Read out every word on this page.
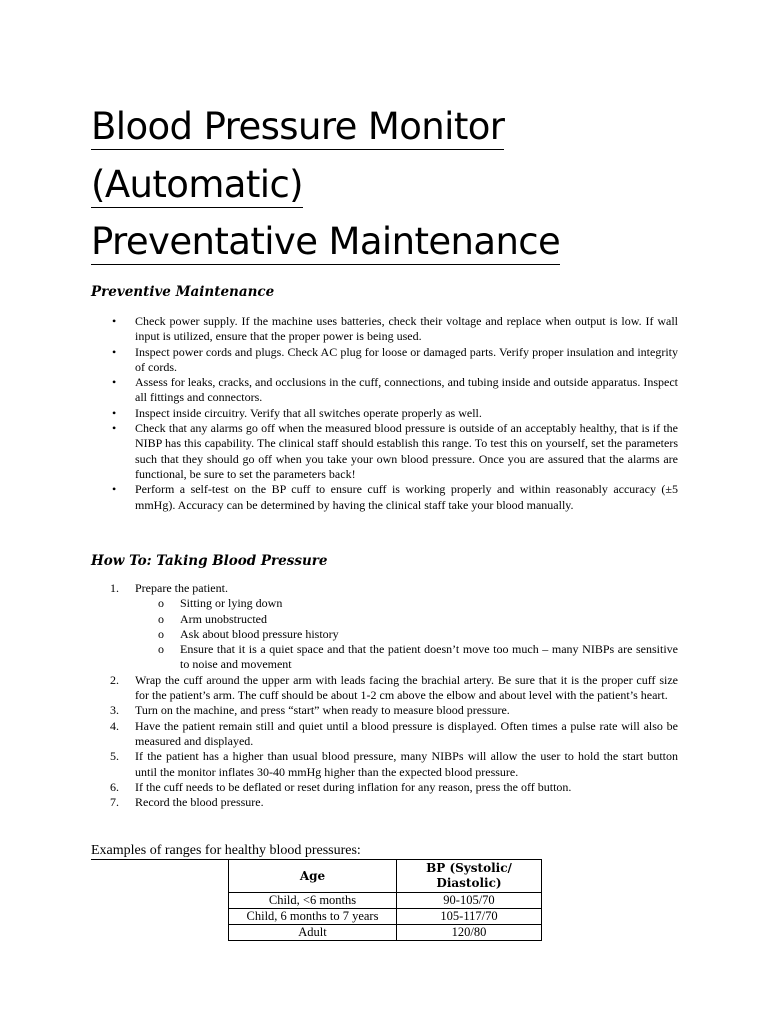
Blood Pressure Monitor
(Automatic)
Preventative Maintenance
Preventive Maintenance
• Check power supply. If the machine uses batteries, check their voltage and replace when output is low. If wall input is utilized, ensure that the proper power is being used.
• Inspect power cords and plugs. Check AC plug for loose or damaged parts. Verify proper insulation and integrity of cords.
• Assess for leaks, cracks, and occlusions in the cuff, connections, and tubing inside and outside apparatus. Inspect all fittings and connectors.
• Inspect inside circuitry. Verify that all switches operate properly as well.
• Check that any alarms go off when the measured blood pressure is outside of an acceptably healthy, that is if the NIBP has this capability. The clinical staff should establish this range. To test this on yourself, set the parameters such that they should go off when you take your own blood pressure. Once you are assured that the alarms are functional, be sure to set the parameters back!
• Perform a self-test on the BP cuff to ensure cuff is working properly and within reasonably accuracy (±5 mmHg). Accuracy can be determined by having the clinical staff take your blood manually.
How To: Taking Blood Pressure
1. Prepare the patient.
o Sitting or lying down
o Arm unobstructed
o Ask about blood pressure history
o Ensure that it is a quiet space and that the patient doesn’t move too much – many NIBPs are sensitive to noise and movement
2. Wrap the cuff around the upper arm with leads facing the brachial artery. Be sure that it is the proper cuff size for the patient’s arm. The cuff should be about 1-2 cm above the elbow and about level with the patient’s heart.
3. Turn on the machine, and press “start” when ready to measure blood pressure.
4. Have the patient remain still and quiet until a blood pressure is displayed. Often times a pulse rate will also be measured and displayed.
5. If the patient has a higher than usual blood pressure, many NIBPs will allow the user to hold the start button until the monitor inflates 30-40 mmHg higher than the expected blood pressure.
6. If the cuff needs to be deflated or reset during inflation for any reason, press the off button.
7. Record the blood pressure.
Examples of ranges for healthy blood pressures:
Age	BP (Systolic/ Diastolic)
Child, <6 months	90-105/70
Child, 6 months to 7 years	105-117/70
Adult	120/80
